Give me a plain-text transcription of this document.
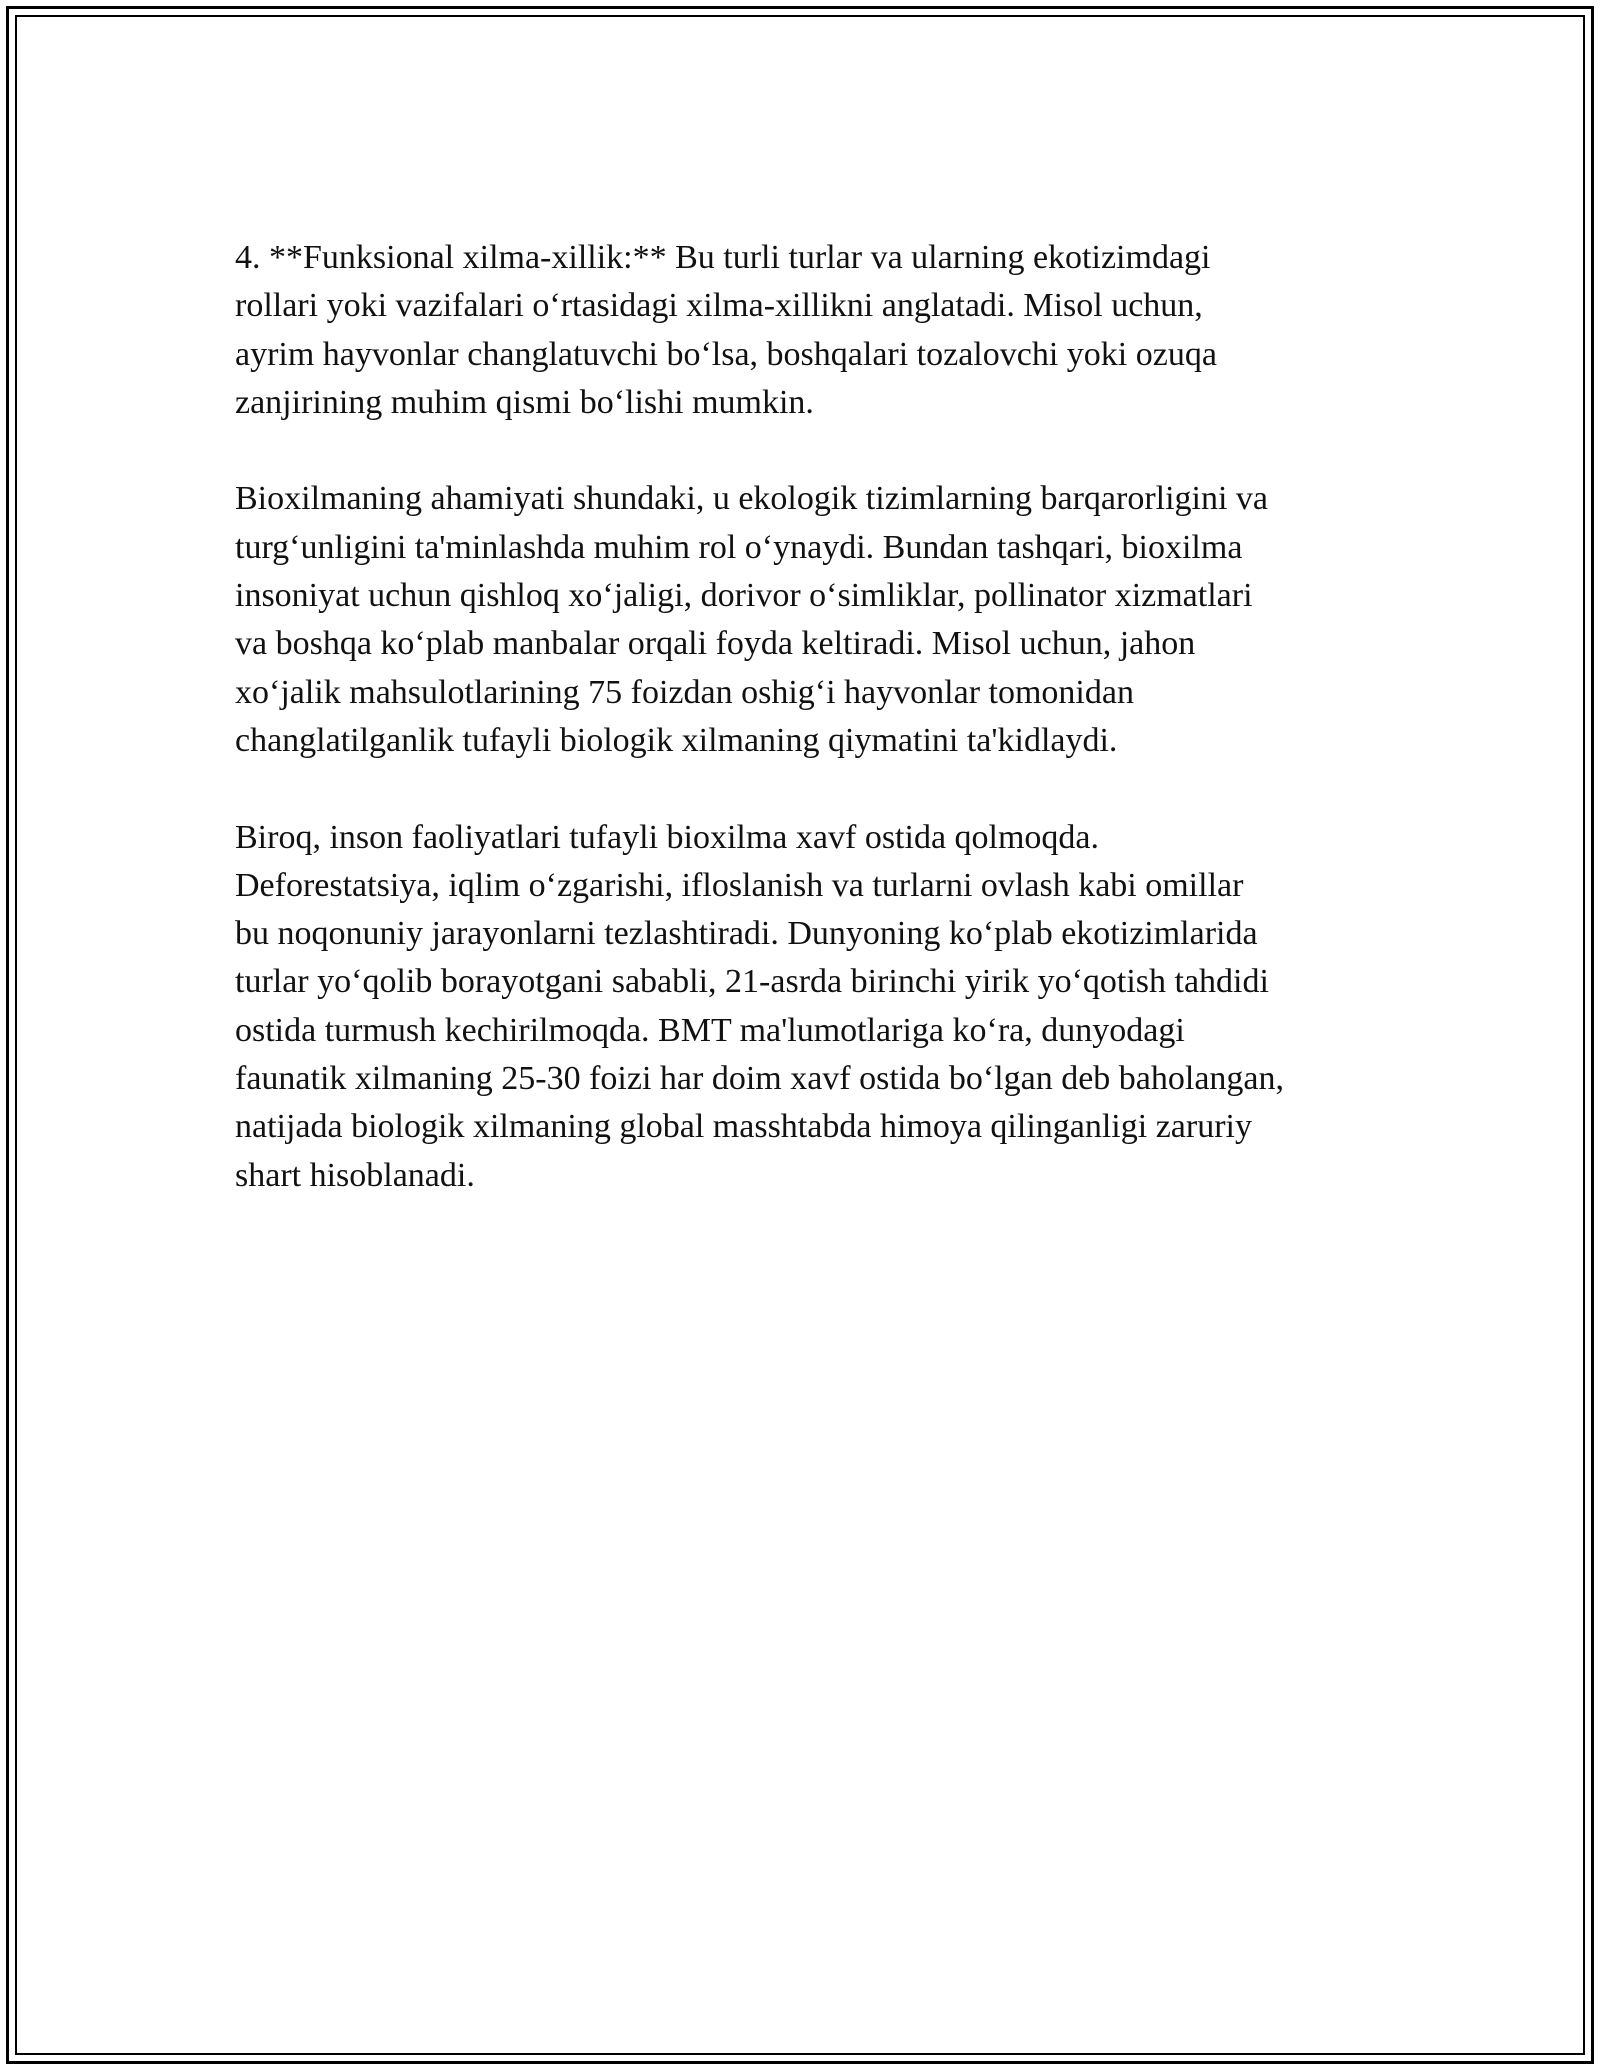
4. **Funksional xilma-xillik:** Bu turli turlar va ularning ekotizimdagi
rollari yoki vazifalari o‘rtasidagi xilma-xillikni anglatadi. Misol uchun,
ayrim hayvonlar changlatuvchi bo‘lsa, boshqalari tozalovchi yoki ozuqa
zanjirining muhim qismi bo‘lishi mumkin.

Bioxilmaning ahamiyati shundaki, u ekologik tizimlarning barqarorligini va
turg‘unligini ta'minlashda muhim rol o‘ynaydi. Bundan tashqari, bioxilma
insoniyat uchun qishloq xo‘jaligi, dorivor o‘simliklar, pollinator xizmatlari
va boshqa ko‘plab manbalar orqali foyda keltiradi. Misol uchun, jahon
xo‘jalik mahsulotlarining 75 foizdan oshig‘i hayvonlar tomonidan
changlatilganlik tufayli biologik xilmaning qiymatini ta'kidlaydi.

Biroq, inson faoliyatlari tufayli bioxilma xavf ostida qolmoqda.
Deforestatsiya, iqlim o‘zgarishi, ifloslanish va turlarni ovlash kabi omillar
bu noqonuniy jarayonlarni tezlashtiradi. Dunyoning ko‘plab ekotizimlarida
turlar yo‘qolib borayotgani sababli, 21-asrda birinchi yirik yo‘qotish tahdidi
ostida turmush kechirilmoqda. BMT ma'lumotlariga ko‘ra, dunyodagi
faunatik xilmaning 25-30 foizi har doim xavf ostida bo‘lgan deb baholangan,
natijada biologik xilmaning global masshtabda himoya qilinganligi zaruriy
shart hisoblanadi.
